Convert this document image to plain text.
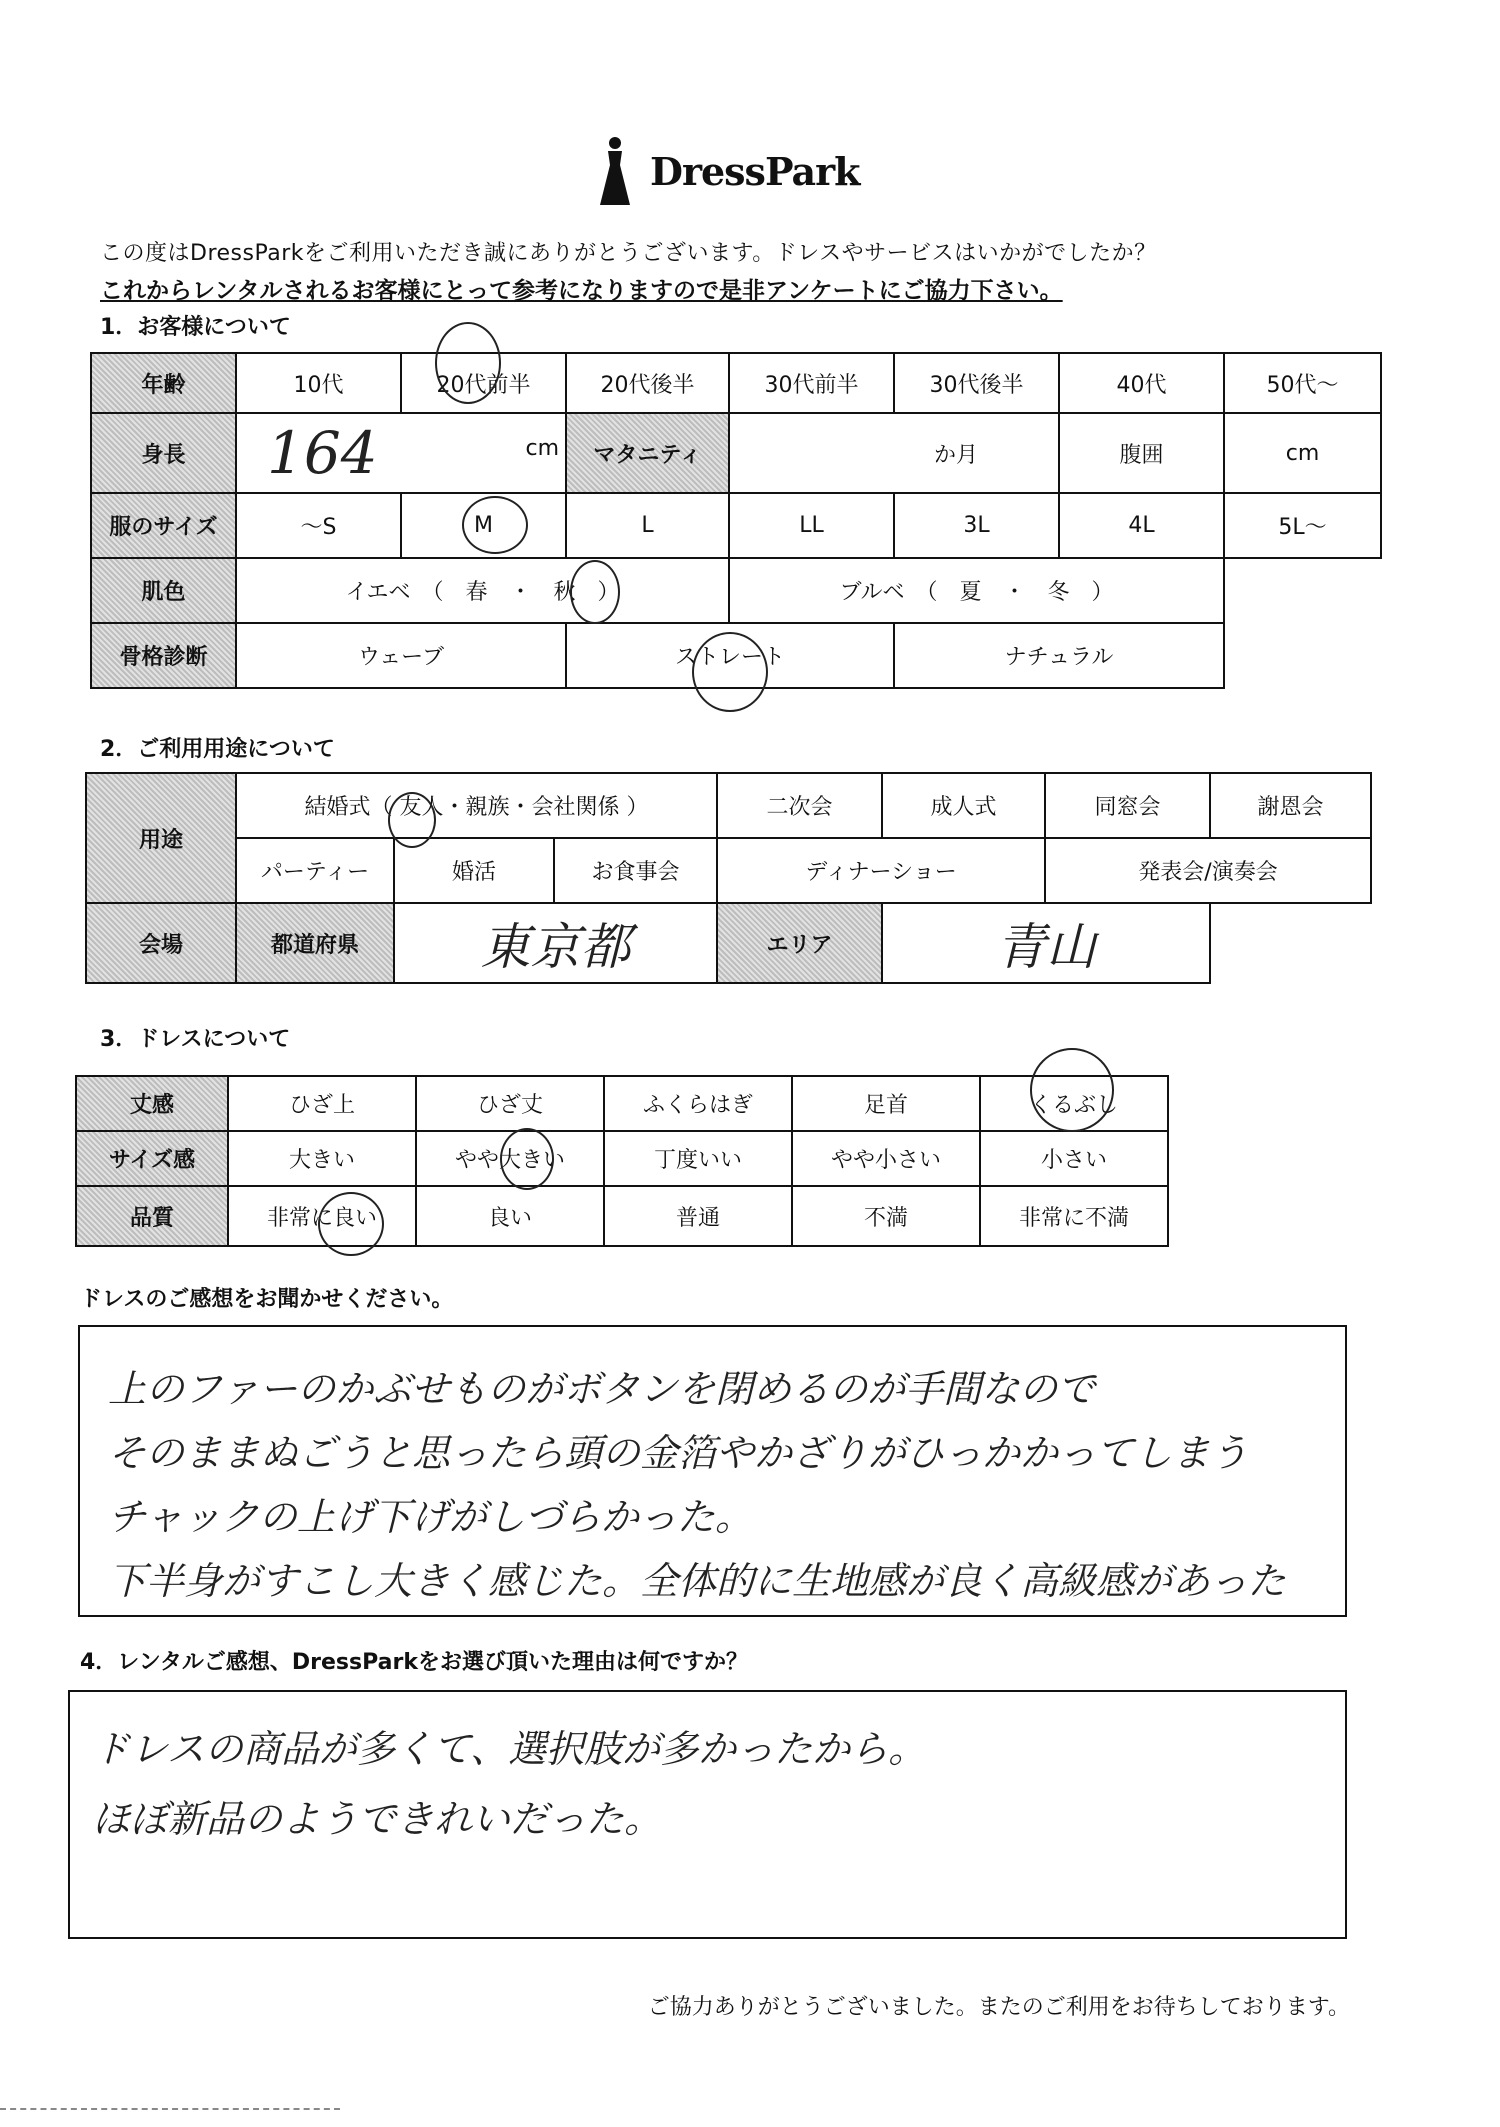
DressPark
この度はDressParkをご利用いただき誠にありがとうございます。ドレスやサービスはいかがでしたか？
これからレンタルされるお客様にとって参考になりますので是非アンケートにご協力下さい。
1．お客様について
年齢	10代	20代前半	20代後半	30代前半	30代後半	40代	50代～
身長	164 cm		マタニティ	か月		腹囲	cm
服のサイズ	～S	M	L	LL	3L	4L	5L～
肌色	イエベ　（　春　・　秋　）			ブルベ　（　夏　・　冬　）			
骨格診断	ウェーブ		ストレート		ナチュラル		
2．ご利用用途について
用途	結婚式（ 友人・親族・会社関係 ）			二次会	成人式	同窓会	謝恩会
	パーティー	婚活	お食事会	ディナーショー		発表会/演奏会	
会場	都道府県	東京都		エリア	青山		
3．ドレスについて
丈感	ひざ上	ひざ丈	ふくらはぎ	足首	くるぶし
サイズ感	大きい	やや大きい	丁度いい	やや小さい	小さい
品質	非常に良い	良い	普通	不満	非常に不満
ドレスのご感想をお聞かせください。
上のファーのかぶせものがボタンを閉めるのが手間なので
そのままぬごうと思ったら頭の金箔やかざりがひっかかってしまう
チャックの上げ下げがしづらかった。
下半身がすこし大きく感じた。全体的に生地感が良く高級感があった
4．レンタルご感想、DressParkをお選び頂いた理由は何ですか？
ドレスの商品が多くて、選択肢が多かったから。
ほぼ新品のようできれいだった。
ご協力ありがとうございました。またのご利用をお待ちしております。
